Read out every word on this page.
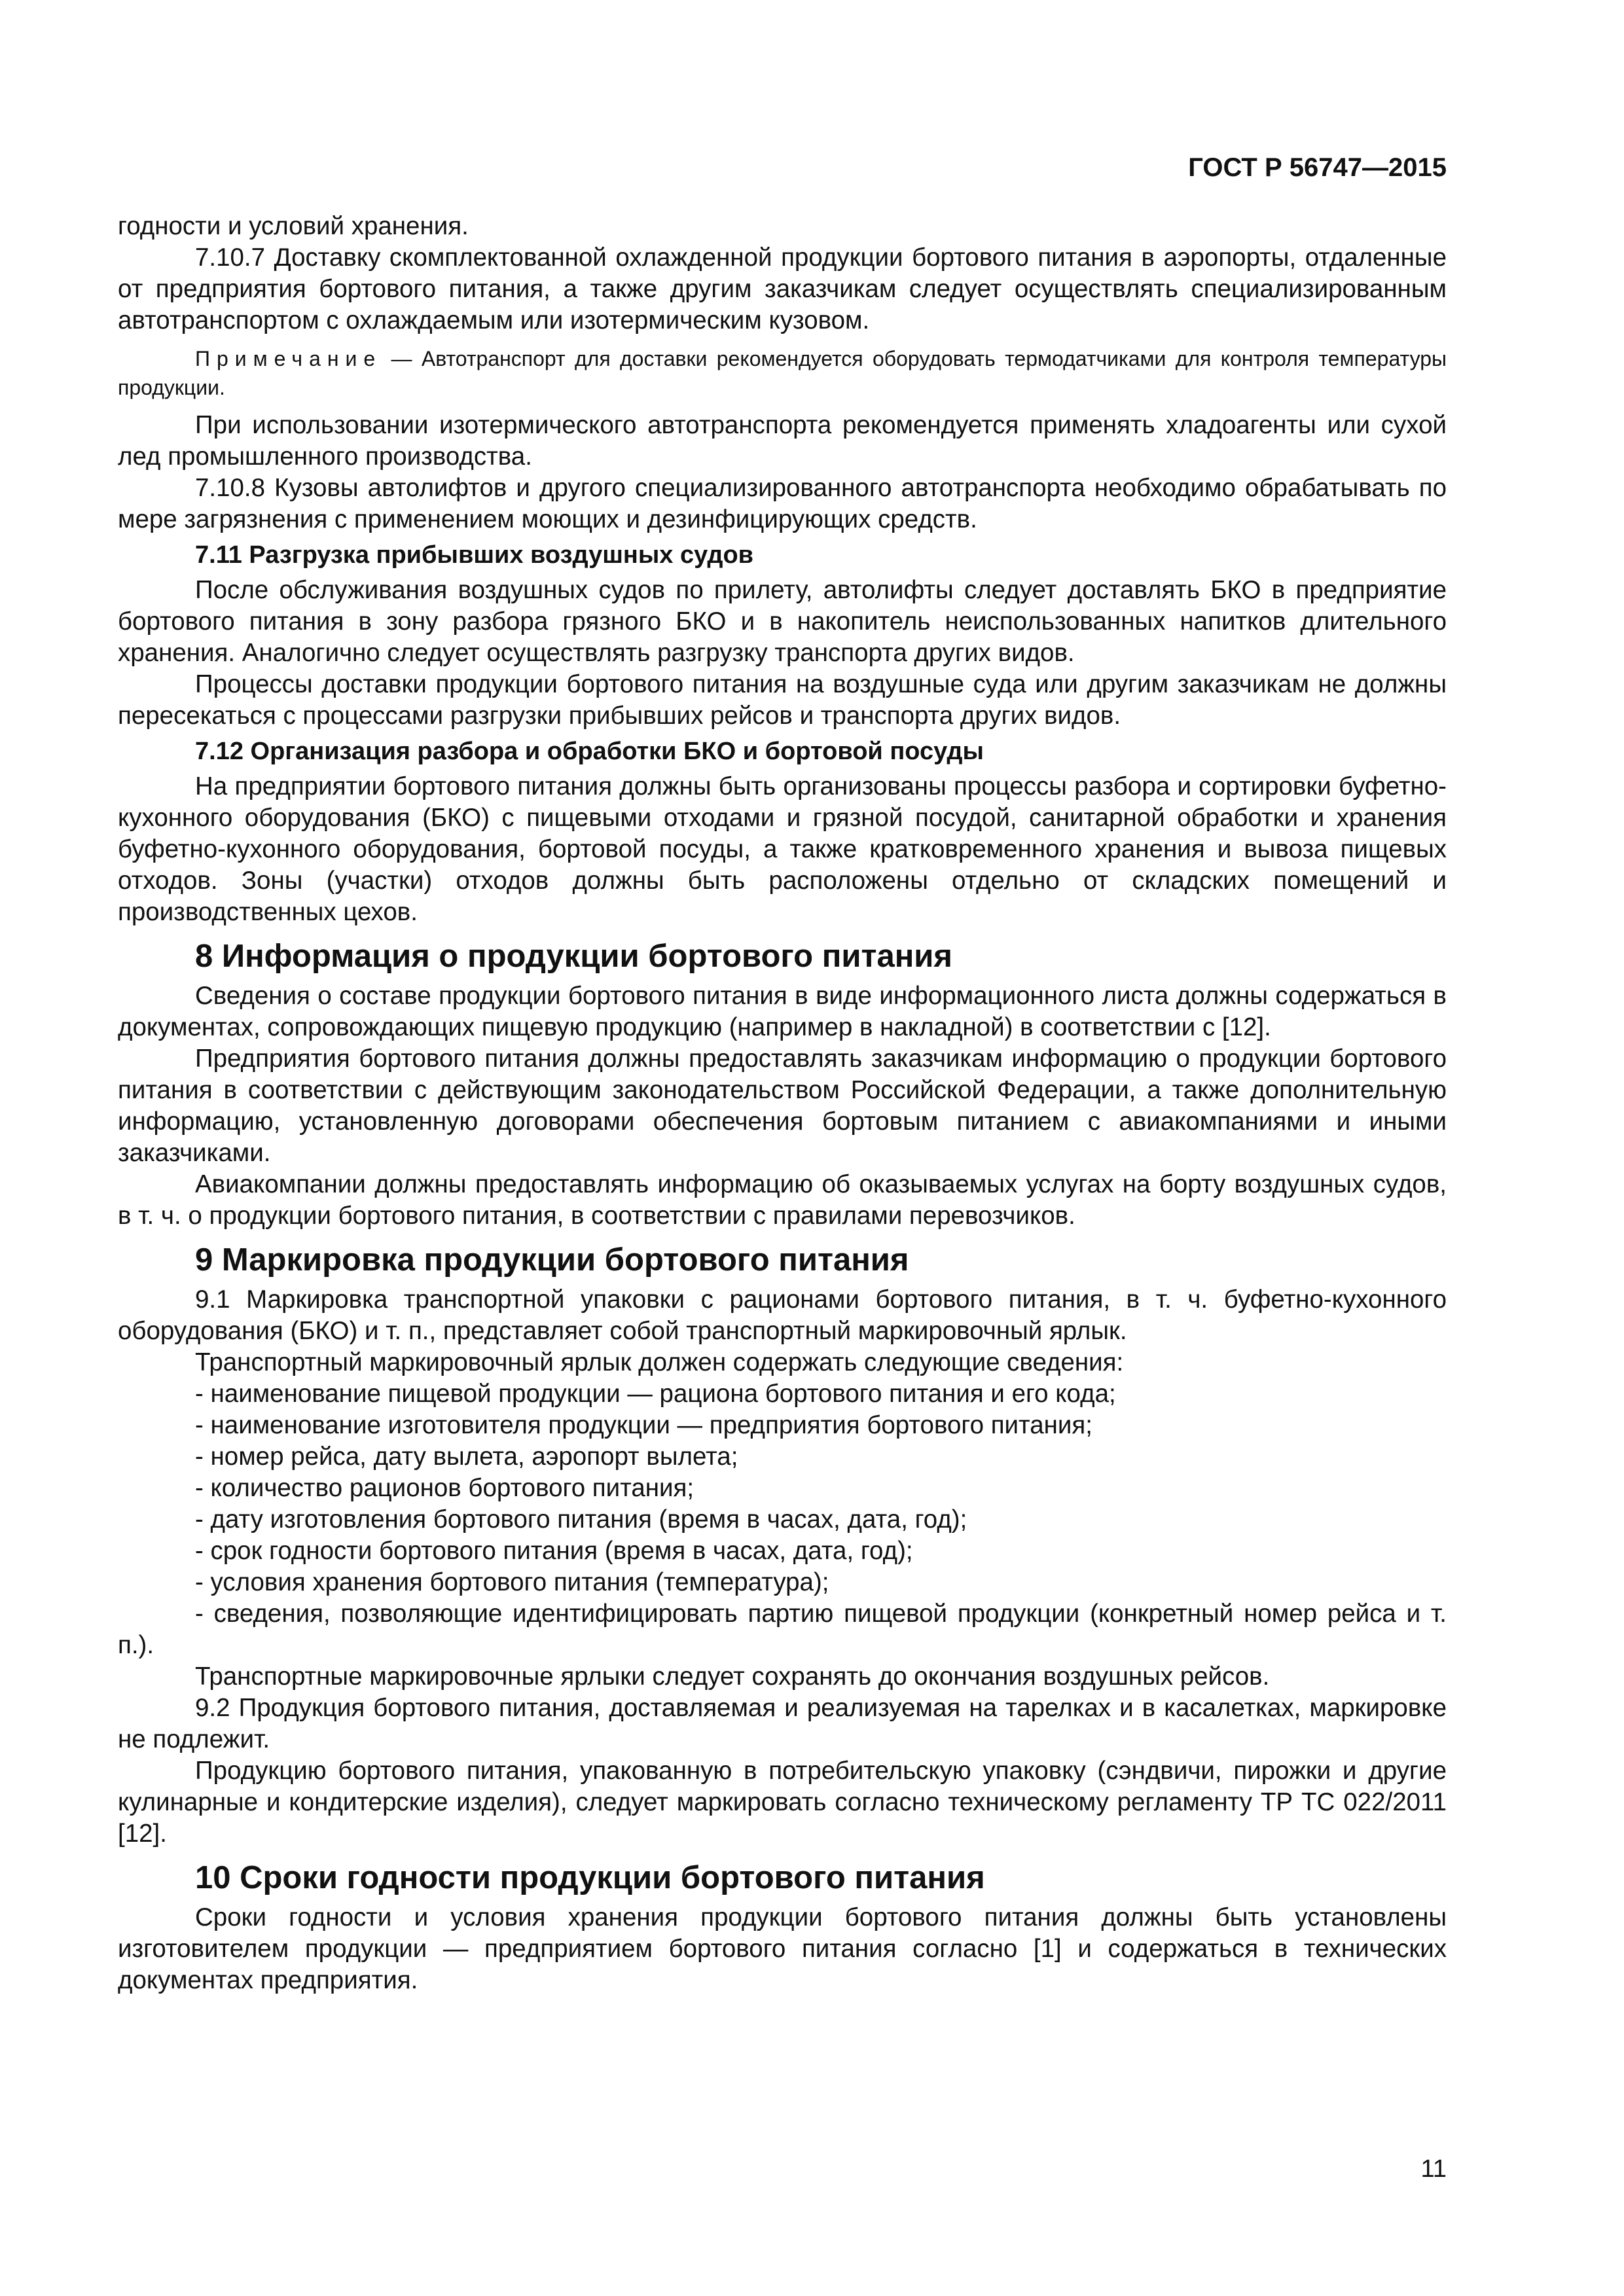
ГОСТ Р 56747—2015

годности и условий хранения.

7.10.7 Доставку скомплектованной охлажденной продукции бортового питания в аэропорты, отдаленные от предприятия бортового питания, а также другим заказчикам следует осуществлять специализированным автотранспортом с охлаждаемым или изотермическим кузовом.

Примечание — Автотранспорт для доставки рекомендуется оборудовать термодатчиками для контроля температуры продукции.

При использовании изотермического автотранспорта рекомендуется применять хладоагенты или сухой лед промышленного производства.

7.10.8 Кузовы автолифтов и другого специализированного автотранспорта необходимо обрабатывать по мере загрязнения с применением моющих и дезинфицирующих средств.

7.11 Разгрузка прибывших воздушных судов

После обслуживания воздушных судов по прилету, автолифты следует доставлять БКО в предприятие бортового питания в зону разбора грязного БКО и в накопитель неиспользованных напитков длительного хранения. Аналогично следует осуществлять разгрузку транспорта других видов.

Процессы доставки продукции бортового питания на воздушные суда или другим заказчикам не должны пересекаться с процессами разгрузки прибывших рейсов и транспорта других видов.

7.12 Организация разбора и обработки БКО и бортовой посуды

На предприятии бортового питания должны быть организованы процессы разбора и сортировки буфетно-кухонного оборудования (БКО) с пищевыми отходами и грязной посудой, санитарной обработки и хранения буфетно-кухонного оборудования, бортовой посуды, а также кратковременного хранения и вывоза пищевых отходов. Зоны (участки) отходов должны быть расположены отдельно от складских помещений и производственных цехов.

8 Информация о продукции бортового питания

Сведения о составе продукции бортового питания в виде информационного листа должны содержаться в документах, сопровождающих пищевую продукцию (например в накладной) в соответствии с [12].

Предприятия бортового питания должны предоставлять заказчикам информацию о продукции бортового питания в соответствии с действующим законодательством Российской Федерации, а также дополнительную информацию, установленную договорами обеспечения бортовым питанием с авиакомпаниями и иными заказчиками.

Авиакомпании должны предоставлять информацию об оказываемых услугах на борту воздушных судов, в т. ч. о продукции бортового питания, в соответствии с правилами перевозчиков.

9 Маркировка продукции бортового питания

9.1 Маркировка транспортной упаковки с рационами бортового питания, в т. ч. буфетно-кухонного оборудования (БКО) и т. п., представляет собой транспортный маркировочный ярлык.

Транспортный маркировочный ярлык должен содержать следующие сведения:

- наименование пищевой продукции — рациона бортового питания и его кода;

- наименование изготовителя продукции — предприятия бортового питания;

- номер рейса, дату вылета, аэропорт вылета;

- количество рационов бортового питания;

- дату изготовления бортового питания (время в часах, дата, год);

- срок годности бортового питания (время в часах, дата, год);

- условия хранения бортового питания (температура);

- сведения, позволяющие идентифицировать партию пищевой продукции (конкретный номер рейса и т. п.).

Транспортные маркировочные ярлыки следует сохранять до окончания воздушных рейсов.

9.2 Продукция бортового питания, доставляемая и реализуемая на тарелках и в касалетках, маркировке не подлежит.

Продукцию бортового питания, упакованную в потребительскую упаковку (сэндвичи, пирожки и другие кулинарные и кондитерские изделия), следует маркировать согласно техническому регламенту ТР ТС 022/2011 [12].

10 Сроки годности продукции бортового питания

Сроки годности и условия хранения продукции бортового питания должны быть установлены изготовителем продукции — предприятием бортового питания согласно [1] и содержаться в технических документах предприятия.

11
